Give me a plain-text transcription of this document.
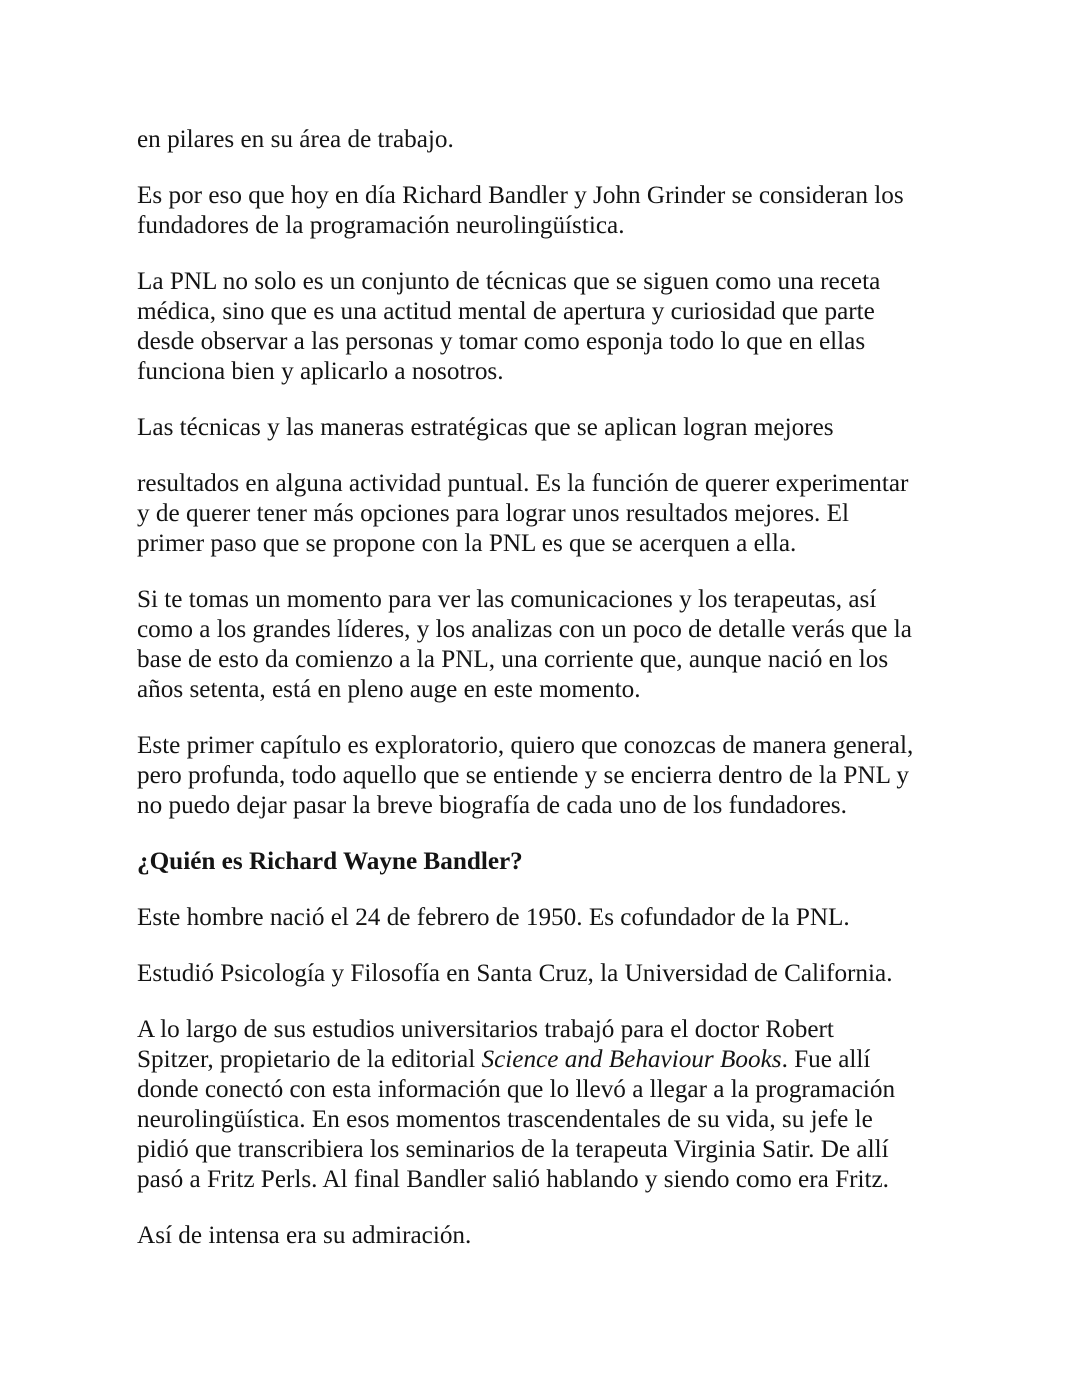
en pilares en su área de trabajo.

Es por eso que hoy en día Richard Bandler y John Grinder se consideran los
fundadores de la programación neurolingüística.

La PNL no solo es un conjunto de técnicas que se siguen como una receta
médica, sino que es una actitud mental de apertura y curiosidad que parte
desde observar a las personas y tomar como esponja todo lo que en ellas
funciona bien y aplicarlo a nosotros.

Las técnicas y las maneras estratégicas que se aplican logran mejores

resultados en alguna actividad puntual. Es la función de querer experimentar
y de querer tener más opciones para lograr unos resultados mejores. El
primer paso que se propone con la PNL es que se acerquen a ella.

Si te tomas un momento para ver las comunicaciones y los terapeutas, así
como a los grandes líderes, y los analizas con un poco de detalle verás que la
base de esto da comienzo a la PNL, una corriente que, aunque nació en los
años setenta, está en pleno auge en este momento.

Este primer capítulo es exploratorio, quiero que conozcas de manera general,
pero profunda, todo aquello que se entiende y se encierra dentro de la PNL y
no puedo dejar pasar la breve biografía de cada uno de los fundadores.

¿Quién es Richard Wayne Bandler?

Este hombre nació el 24 de febrero de 1950. Es cofundador de la PNL.

Estudió Psicología y Filosofía en Santa Cruz, la Universidad de California.

A lo largo de sus estudios universitarios trabajó para el doctor Robert
Spitzer, propietario de la editorial Science and Behaviour Books. Fue allí
donde conectó con esta información que lo llevó a llegar a la programación
neurolingüística. En esos momentos trascendentales de su vida, su jefe le
pidió que transcribiera los seminarios de la terapeuta Virginia Satir. De allí
pasó a Fritz Perls. Al final Bandler salió hablando y siendo como era Fritz.

Así de intensa era su admiración.
